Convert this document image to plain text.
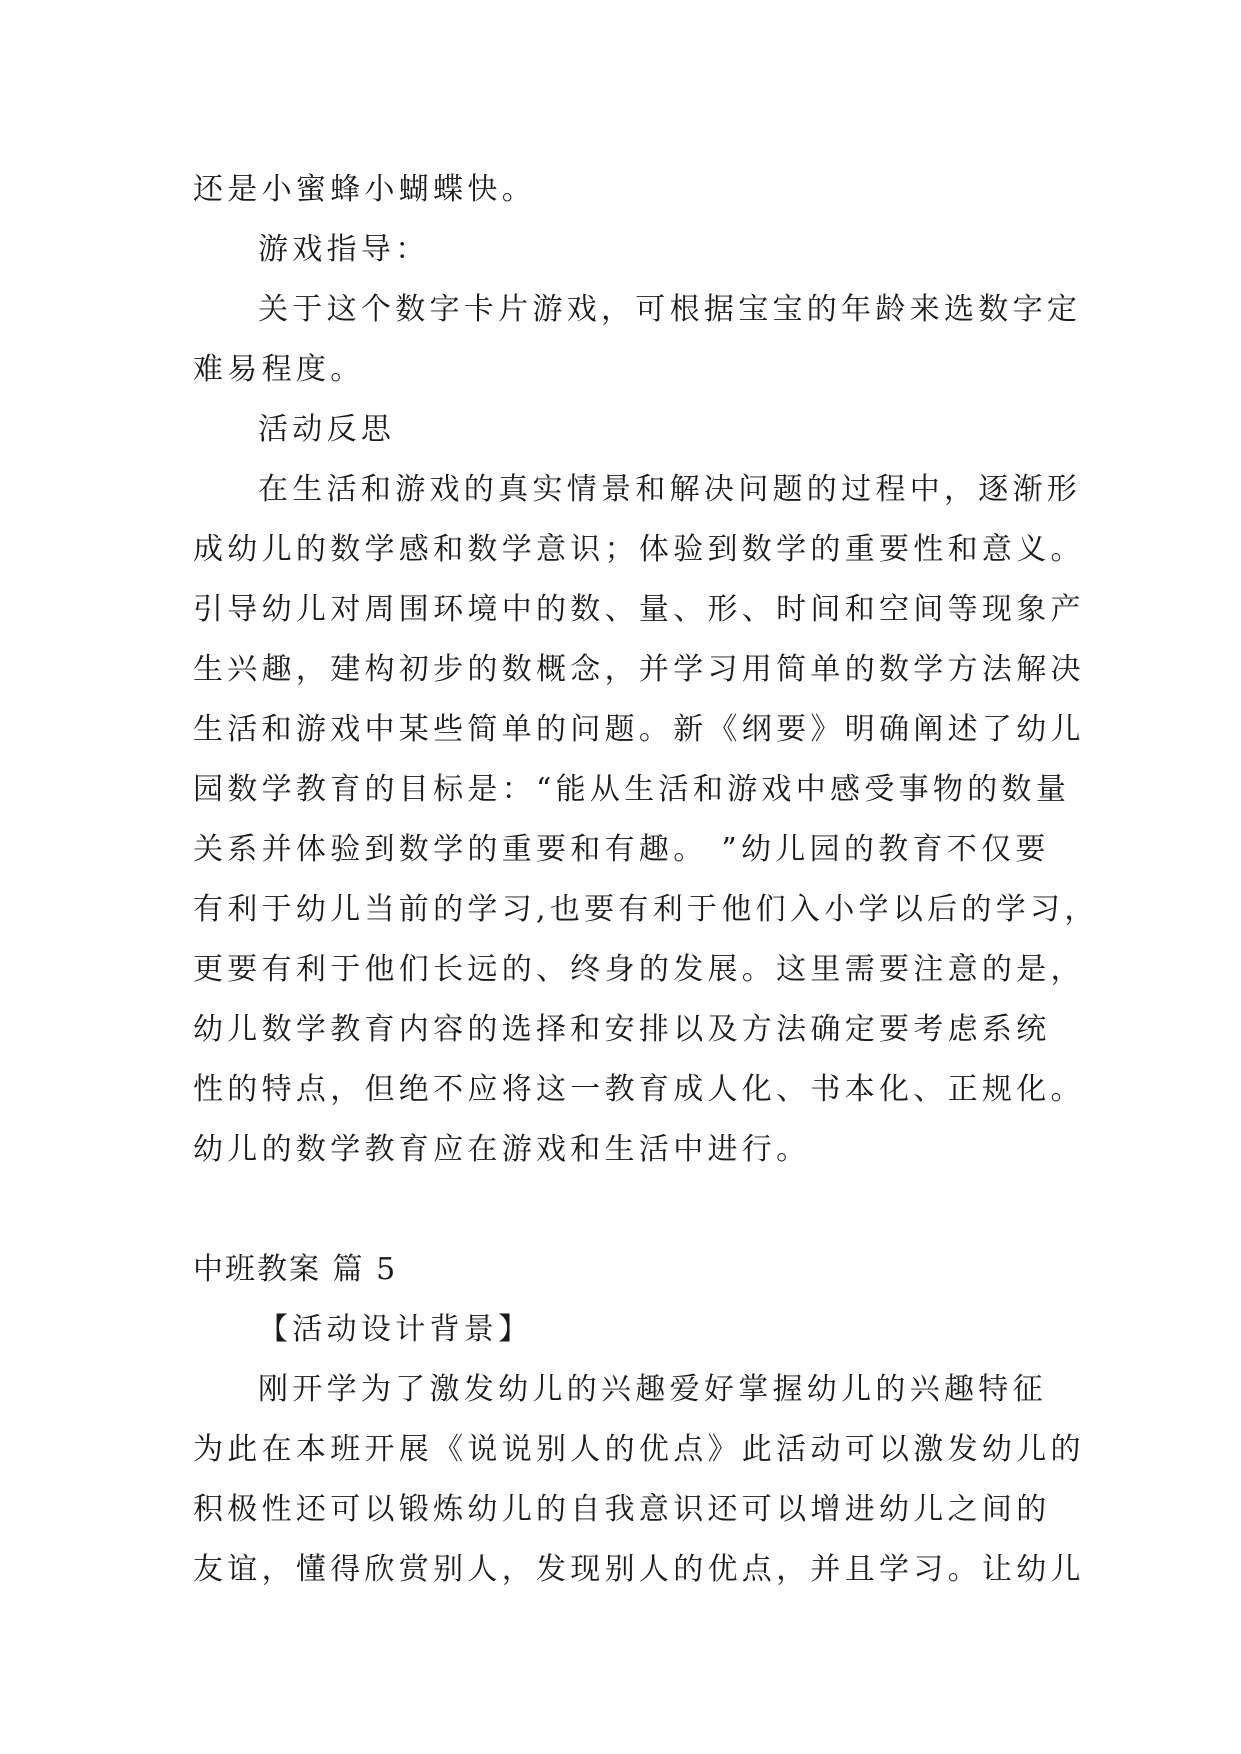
还是小蜜蜂小蝴蝶快。

游戏指导：

关于这个数字卡片游戏，可根据宝宝的年龄来选数字定

难易程度。

活动反思

在生活和游戏的真实情景和解决问题的过程中，逐渐形

成幼儿的数学感和数学意识；体验到数学的重要性和意义。

引导幼儿对周围环境中的数、量、形、时间和空间等现象产

生兴趣，建构初步的数概念，并学习用简单的数学方法解决

生活和游戏中某些简单的问题。新《纲要》明确阐述了幼儿

园数学教育的目标是：“能从生活和游戏中感受事物的数量

关系并体验到数学的重要和有趣。 ”幼儿园的教育不仅要

有利于幼儿当前的学习,也要有利于他们入小学以后的学习，

更要有利于他们长远的、终身的发展。这里需要注意的是，

幼儿数学教育内容的选择和安排以及方法确定要考虑系统

性的特点，但绝不应将这一教育成人化、书本化、正规化。

幼儿的数学教育应在游戏和生活中进行。

中班教案 篇 5

【活动设计背景】

刚开学为了激发幼儿的兴趣爱好掌握幼儿的兴趣特征

为此在本班开展《说说别人的优点》此活动可以激发幼儿的

积极性还可以锻炼幼儿的自我意识还可以增进幼儿之间的

友谊，懂得欣赏别人，发现别人的优点，并且学习。让幼儿
